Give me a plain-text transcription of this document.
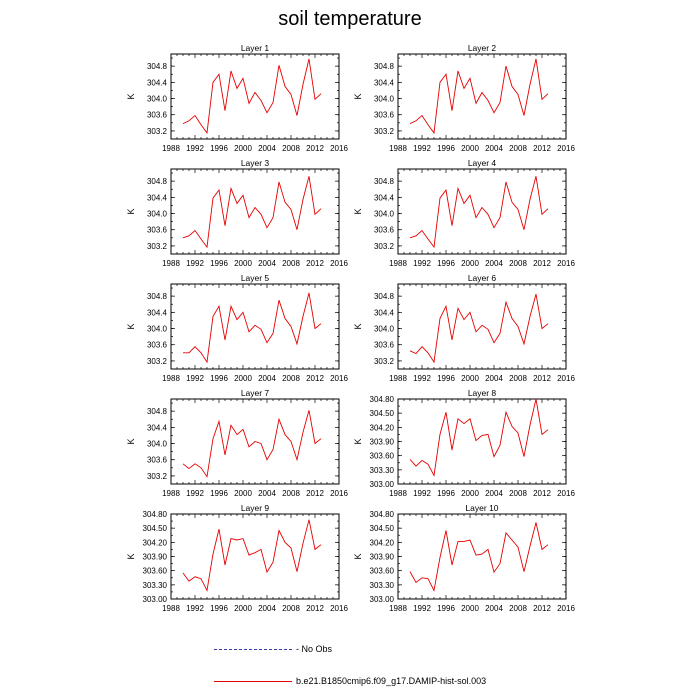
soil temperature
Layer 1
1988 1992 1996 2000 2004 2008 2012 2016
303.2
303.6
304.0
304.4
304.8
K
Layer 2
1988 1992 1996 2000 2004 2008 2012 2016
303.2
303.6
304.0
304.4
304.8
K
Layer 3
1988 1992 1996 2000 2004 2008 2012 2016
303.2
303.6
304.0
304.4
304.8
K
Layer 4
1988 1992 1996 2000 2004 2008 2012 2016
303.2
303.6
304.0
304.4
304.8
K
Layer 5
1988 1992 1996 2000 2004 2008 2012 2016
303.2
303.6
304.0
304.4
304.8
K
Layer 6
1988 1992 1996 2000 2004 2008 2012 2016
303.2
303.6
304.0
304.4
304.8
K
Layer 7
1988 1992 1996 2000 2004 2008 2012 2016
303.2
303.6
304.0
304.4
304.8
K
Layer 8
1988 1992 1996 2000 2004 2008 2012 2016
303.00
303.30
303.60
303.90
304.20
304.50
304.80
K
Layer 9
1988 1992 1996 2000 2004 2008 2012 2016
303.00
303.30
303.60
303.90
304.20
304.50
304.80
K
Layer 10
1988 1992 1996 2000 2004 2008 2012 2016
303.00
303.30
303.60
303.90
304.20
304.50
304.80
K
- No Obs
b.e21.B1850cmip6.f09_g17.DAMIP-hist-sol.003
